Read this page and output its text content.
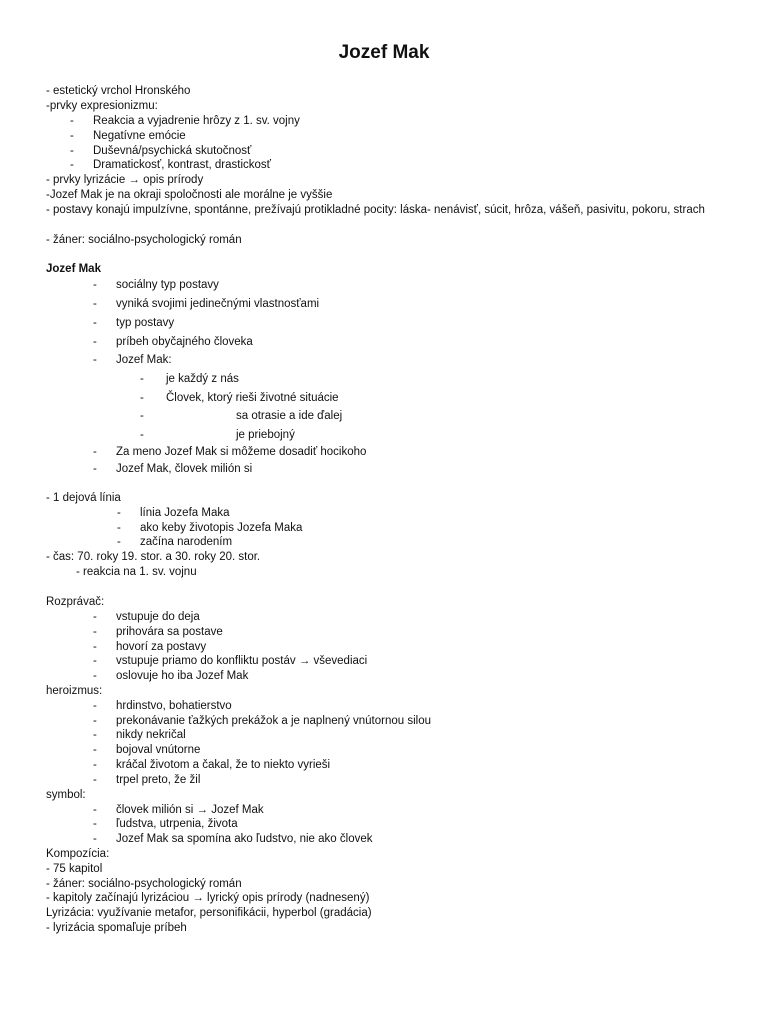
Jozef Mak
- estetický vrchol Hronského
-prvky expresionizmu:
- Reakcia a vyjadrenie hrôzy z 1. sv. vojny
- Negatívne emócie
- Duševná/psychická skutočnosť
- Dramatickosť, kontrast, drastickosť
- prvky lyrizácie → opis prírody
-Jozef Mak je na okraji spoločnosti ale morálne je vyššie
- postavy konajú impulzívne, spontánne, prežívajú protikladné pocity: láska- nenávisť, súcit, hrôza, vášeň, pasivitu, pokoru, strach
- žáner: sociálno-psychologický román
Jozef Mak
- sociálny typ postavy
- vyniká svojimi jedinečnými vlastnosťami
- typ postavy
- príbeh obyčajného človeka
- Jozef Mak:
- je každý z nás
- Človek, ktorý rieši životné situácie
-	sa otrasie a ide ďalej
-	je priebojný
- Za meno Jozef Mak si môžeme dosadiť hocikoho
- Jozef Mak, človek milión si
- 1 dejová línia
- línia Jozefa Maka
- ako keby životopis Jozefa Maka
- začína narodením
- čas: 70. roky 19. stor. a 30. roky 20. stor.
- reakcia na 1. sv. vojnu
Rozprávač:
- vstupuje do deja
- prihovára sa postave
- hovorí za postavy
- vstupuje priamo do konfliktu postáv → vševediaci
- oslovuje ho iba Jozef Mak
heroizmus:
- hrdinstvo, bohatierstvo
- prekonávanie ťažkých prekážok a je naplnený vnútornou silou
- nikdy nekričal
- bojoval vnútorne
- kráčal životom a čakal, že to niekto vyrieši
- trpel preto, že žil
symbol:
- človek milión si → Jozef Mak
- ľudstva, utrpenia, života
- Jozef Mak sa spomína ako ľudstvo, nie ako človek
Kompozícia:
- 75 kapitol
- žáner: sociálno-psychologický román
- kapitoly začínajú lyrizáciou → lyrický opis prírody (nadnesený)
Lyrizácia: využívanie metafor, personifikácii, hyperbol (gradácia)
- lyrizácia spomaľuje príbeh
